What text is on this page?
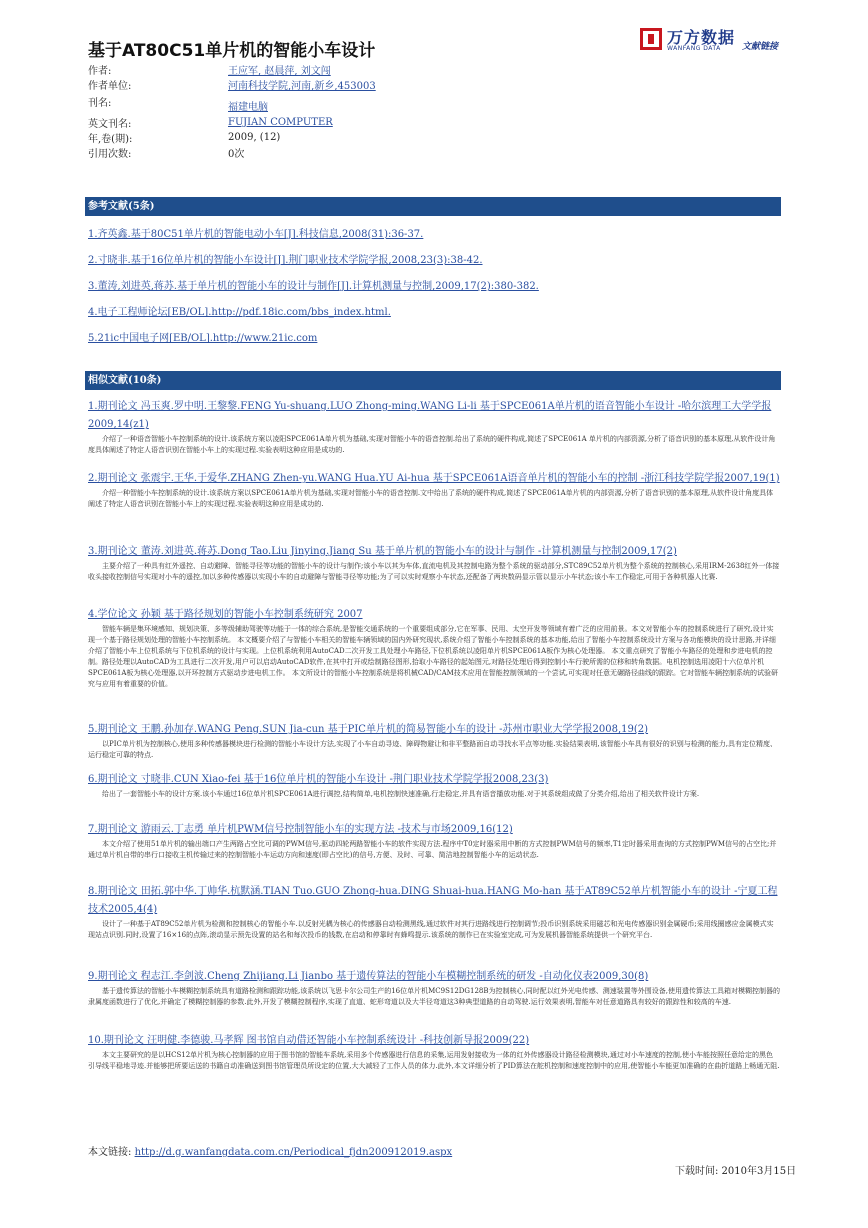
基于AT80C51单片机的智能小车设计
万方数据
WANFANG DATA 文献链接
作者:	王应军, 赵晨萍, 刘文闯
作者单位:	河南科技学院,河南,新乡,453003
刊名:	福建电脑
英文刊名:	FUJIAN COMPUTER
年,卷(期):	2009, (12)
引用次数:	0次
参考文献(5条)
1.齐英鑫.基于80C51单片机的智能电动小车[J].科技信息,2008(31):36-37.
2.寸晓非.基于16位单片机的智能小车设计[J].荆门职业技术学院学报,2008,23(3):38-42.
3.董涛,刘进英,蒋苏.基于单片机的智能小车的设计与制作[J].计算机测量与控制,2009,17(2):380-382.
4.电子工程师论坛[EB/OL].http://pdf.18ic.com/bbs_index.html.
5.21ic中国电子网[EB/OL].http://www.21ic.com
相似文献(10条)
1.期刊论文 冯玉爽.罗中明.王黎黎.FENG Yu-shuang.LUO Zhong-ming.WANG Li-li 基于SPCE061A单片机的语音智能小车设计 -哈尔滨理工大学学报2009,14(z1)
介绍了一种语音智能小车控制系统的设计.该系统方案以凌阳SPCE061A单片机为基础,实现对智能小车的语音控制.给出了系统的硬件构成,简述了SPCE061A 单片机的内部资源,分析了语音识别的基本原理,从软件设计角度具体阐述了特定人语音识别在智能小车上的实现过程.实验表明这种应用是成功的.
2.期刊论文 张震宇.王华.于爱华.ZHANG Zhen-yu.WANG Hua.YU Ai-hua 基于SPCE061A语音单片机的智能小车的控制 -浙江科技学院学报2007,19(1)
介绍一种智能小车控制系统的设计.该系统方案以SPCE061A单片机为基础,实现对智能小车的语音控制.文中给出了系统的硬件构成,简述了SPCE061A单片机的内部资源,分析了语音识别的基本原理,从软件设计角度具体阐述了特定人语音识别在智能小车上的实现过程.实验表明这种应用是成功的.
3.期刊论文 董涛.刘进英.蒋苏.Dong Tao.Liu Jinying.Jiang Su 基于单片机的智能小车的设计与制作 -计算机测量与控制2009,17(2)
主要介绍了一种具有红外遥控、自动避障、智能寻径等功能的智能小车的设计与制作;该小车以其为车体,直流电机及其控制电路为整个系统的驱动部分,STC89C52单片机为整个系统的控制核心,采用IRM-2638红外一体接收头接收控制信号实现对小车的遥控,加以多种传感器以实现小车的自动避障与智能寻径等功能;为了可以实时观察小车状态,还配备了两块数码显示管以显示小车状态;该小车工作稳定,可用于各种机器人比赛.
4.学位论文 孙颖 基于路径规划的智能小车控制系统研究 2007
智能车辆是集环境感知、规划决策、多等级辅助驾驶等功能于一体的综合系统,是智能交通系统的一个重要组成部分,它在军事、民用、太空开发等领域有着广泛的应用前景。本文对智能小车的控制系统进行了研究,设计实现一个基于路径规划处理的智能小车控制系统。 本文概要介绍了与智能小车相关的智能车辆领域的国内外研究现状,系统介绍了智能小车控制系统的基本功能,给出了智能小车控制系统设计方案与各功能模块的设计思路,并详细介绍了智能小车上位机系统与下位机系统的设计与实现。上位机系统利用AutoCAD二次开发工具处理小车路径,下位机系统以凌阳单片机SPCE061A板作为核心处理器。 本文重点研究了智能小车路径的处理和步进电机的控制。路径处理以AutoCAD为工具进行二次开发,用户可以启动AutoCAD软件,在其中打开或绘制路径图形,拾取小车路径的起始图元,对路径处理后得到控制小车行驶所需的位移和转角数据。电机控制选用凌阳十六位单片机SPCE061A板为核心处理器,以开环控制方式驱动步进电机工作。 本文所设计的智能小车控制系统是将机械CAD/CAM技术应用在智能控制领域的一个尝试,可实现对任意无碾路径曲线的跟踪。它对智能车辆控制系统的试验研究与应用有着重要的价值。
5.期刊论文 王鹏.孙加存.WANG Peng.SUN Jia-cun 基于PIC单片机的简易智能小车的设计 -苏州市职业大学学报2008,19(2)
以PIC单片机为控制核心,使用多种传感器模块进行检测的智能小车设计方法,实现了小车自动寻迹、障碍物避让和非平整路面自动寻找水平点等功能.实验结果表明,该智能小车具有很好的识别与检测的能力,具有定位精度、运行稳定可靠的特点.
6.期刊论文 寸晓非.CUN Xiao-fei 基于16位单片机的智能小车设计 -荆门职业技术学院学报2008,23(3)
给出了一套智能小车的设计方案.该小车通过16位单片机SPCE061A进行调控,结构简单,电机控制快速准确,行走稳定,并具有语音播放功能.对于其系统组成做了分类介绍,给出了相关软件设计方案.
7.期刊论文 游雨云.丁志勇 单片机PWM信号控制智能小车的实现方法 -技术与市场2009,16(12)
本文介绍了使用51单片机的输出端口产生两路占空比可调的PWM信号,驱动四轮两路智能小车的软件实现方法.程序中T0定时器采用中断的方式控制PWM信号的频率,T1定时器采用查询的方式控制PWM信号的占空比;并通过单片机自带的串行口接收主机传输过来的控制智能小车运动方向和速度(即占空比)的信号,方便、及时、可靠、简洁地控制智能小车的运动状态.
8.期刊论文 田拓.郭中华.丁帅华.杭默涵.TIAN Tuo.GUO Zhong-hua.DING Shuai-hua.HANG Mo-han 基于AT89C52单片机智能小车的设计 -宁夏工程技术2005,4(4)
设计了一种基于AT89C52单片机为检测和控制核心的智能小车.以反射光耦为核心的传感器自动检测黑线,通过软件对其行进路线进行控制调节;投币识别系统采用磁芯和光电传感器识别金属硬币;采用线圈感应金属模式实现站点识别.同时,设置了16×16的点阵,滚动显示预先设置的站名和每次投币的钱数,在启动和停靠时有蜂鸣提示.该系统的制作已在实验室完成,可为发展机器智能系统提供一个研究平台.
9.期刊论文 程志江.李剑波.Cheng Zhijiang.Li Jianbo 基于遗传算法的智能小车模糊控制系统的研发 -自动化仪表2009,30(8)
基于遗传算法的智能小车模糊控制系统具有道路检测和跟踪功能,该系统以飞思卡尔公司生产的16位单片机MC9S12DG128B为控制核心,同时配以红外光电传感、测速装置等外围设备,使用遗传算法工具箱对模糊控制器的隶属度函数进行了优化,并确定了模糊控制器的参数.此外,开发了模糊控制程序,实现了直道、蛇形弯道以及大半径弯道这3种典型道路的自动驾驶.运行效果表明,智能车对任意道路具有较好的跟踪性和较高的车速.
10.期刊论文 汪明健.李德骏.马孝辉 图书馆自动借还智能小车控制系统设计 -科技创新导报2009(22)
本文主要研究的是以HCS12单片机为核心控制器的应用于图书馆的智能车系统,采用多个传感器进行信息的采集,运用发射接收为一体的红外传感器设计路径检测模块,通过对小车速度的控制,使小车能按照任意给定的黑色引导线平稳地寻迹.并能够把所要运送的书籍自动准确送到图书馆管理员所设定的位置,大大减轻了工作人员的体力.此外,本文详细分析了PID算法在舵机控制和速度控制中的应用,使智能小车能更加准确的在曲折道路上畅通无阻.
本文链接: http://d.g.wanfangdata.com.cn/Periodical_fjdn200912019.aspx
下载时间: 2010年3月15日
